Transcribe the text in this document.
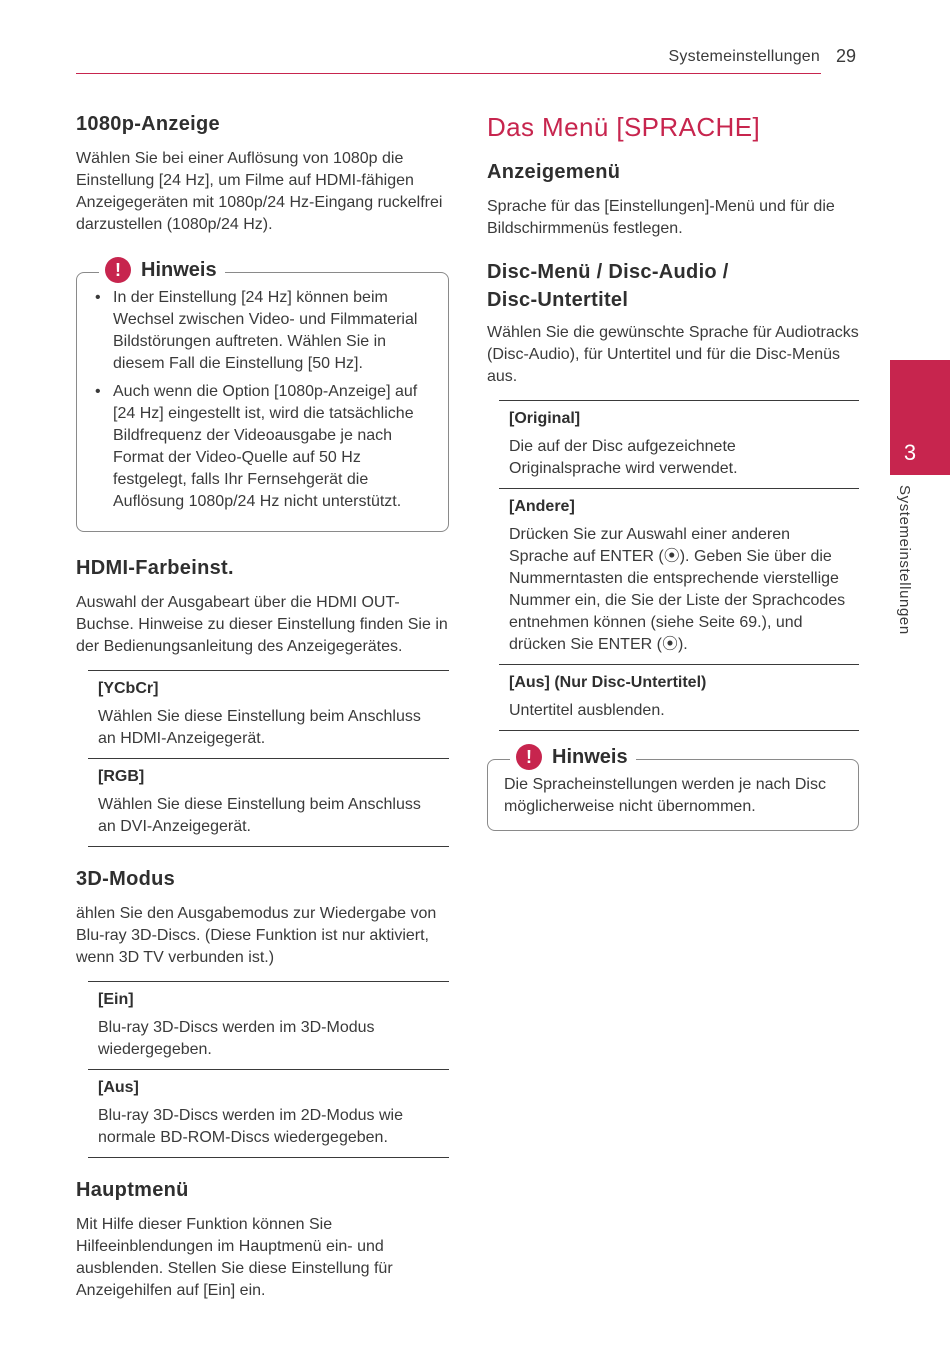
Systemeinstellungen 29
3
Systemeinstellungen
1080p-Anzeige

Wählen Sie bei einer Auflösung von 1080p die Einstellung [24 Hz], um Filme auf HDMI-fähigen Anzeigegeräten mit 1080p/24 Hz-Eingang ruckelfrei darzustellen (1080p/24 Hz).

!	Hinweis
• In der Einstellung [24 Hz] können beim Wechsel zwischen Video- und Filmmaterial Bildstörungen auftreten. Wählen Sie in diesem Fall die Einstellung [50 Hz].
• Auch wenn die Option [1080p-Anzeige] auf [24 Hz] eingestellt ist, wird die tatsächliche Bildfrequenz der Videoausgabe je nach Format der Video-Quelle auf 50 Hz festgelegt, falls Ihr Fernsehgerät die Auflösung 1080p/24 Hz nicht unterstützt.
HDMI-Farbeinst.

Auswahl der Ausgabeart über die HDMI OUT-Buchse. Hinweise zu dieser Einstellung finden Sie in der Bedienungsanleitung des Anzeigegerätes.

[YCbCr]
Wählen Sie diese Einstellung beim Anschluss an HDMI-Anzeigegerät.
[RGB]
Wählen Sie diese Einstellung beim Anschluss an DVI-Anzeigegerät.
3D-Modus

ählen Sie den Ausgabemodus zur Wiedergabe von Blu-ray 3D-Discs. (Diese Funktion ist nur aktiviert, wenn 3D TV verbunden ist.)

[Ein]
Blu-ray 3D-Discs werden im 3D-Modus wiedergegeben.
[Aus]
Blu-ray 3D-Discs werden im 2D-Modus wie normale BD-ROM-Discs wiedergegeben.
Hauptmenü

Mit Hilfe dieser Funktion können Sie Hilfeeinblendungen im Hauptmenü ein- und ausblenden. Stellen Sie diese Einstellung für Anzeigehilfen auf [Ein] ein.

Das Menü [SPRACHE]
Anzeigemenü

Sprache für das [Einstellungen]-Menü und für die Bildschirmmenüs festlegen.

Disc-Menü / Disc-Audio /
Disc-Untertitel

Wählen Sie die gewünschte Sprache für Audiotracks (Disc-Audio), für Untertitel und für die Disc-Menüs aus.

[Original]
Die auf der Disc aufgezeichnete Originalsprache wird verwendet.
[Andere]
Drücken Sie zur Auswahl einer anderen Sprache auf ENTER (⦿). Geben Sie über die Nummerntasten die entsprechende vierstellige Nummer ein, die Sie der Liste der Sprachcodes entnehmen können (siehe Seite 69.), und drücken Sie ENTER (⦿).
[Aus] (Nur Disc-Untertitel)
Untertitel ausblenden.
!	Hinweis

Die Spracheinstellungen werden je nach Disc möglicherweise nicht übernommen.
